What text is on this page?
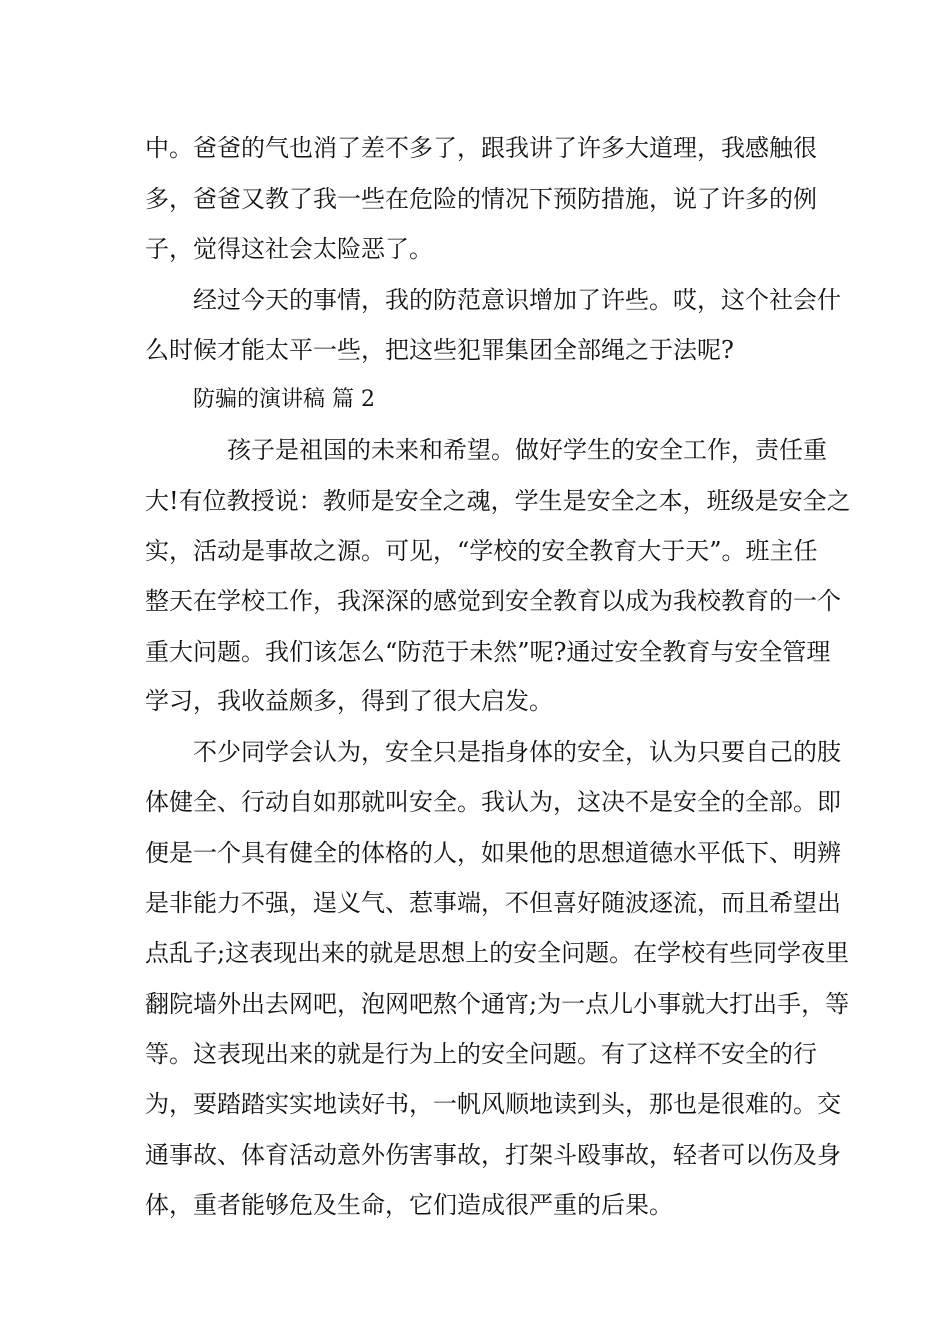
中。爸爸的气也消了差不多了，跟我讲了许多大道理，我感触很
多，爸爸又教了我一些在危险的情况下预防措施，说了许多的例
子，觉得这社会太险恶了。
经过今天的事情，我的防范意识增加了许些。哎，这个社会什
么时候才能太平一些，把这些犯罪集团全部绳之于法呢?
防骗的演讲稿 篇 2
孩子是祖国的未来和希望。做好学生的安全工作，责任重
大!有位教授说：教师是安全之魂，学生是安全之本，班级是安全之
实，活动是事故之源。可见，“学校的安全教育大于天”。班主任
整天在学校工作，我深深的感觉到安全教育以成为我校教育的一个
重大问题。我们该怎么“防范于未然”呢?通过安全教育与安全管理
学习，我收益颇多，得到了很大启发。
不少同学会认为，安全只是指身体的安全，认为只要自己的肢
体健全、行动自如那就叫安全。我认为，这决不是安全的全部。即
便是一个具有健全的体格的人，如果他的思想道德水平低下、明辨
是非能力不强，逞义气、惹事端，不但喜好随波逐流，而且希望出
点乱子;这表现出来的就是思想上的安全问题。在学校有些同学夜里
翻院墙外出去网吧，泡网吧熬个通宵;为一点儿小事就大打出手，等
等。这表现出来的就是行为上的安全问题。有了这样不安全的行
为，要踏踏实实地读好书，一帆风顺地读到头，那也是很难的。交
通事故、体育活动意外伤害事故，打架斗殴事故，轻者可以伤及身
体，重者能够危及生命，它们造成很严重的后果。
